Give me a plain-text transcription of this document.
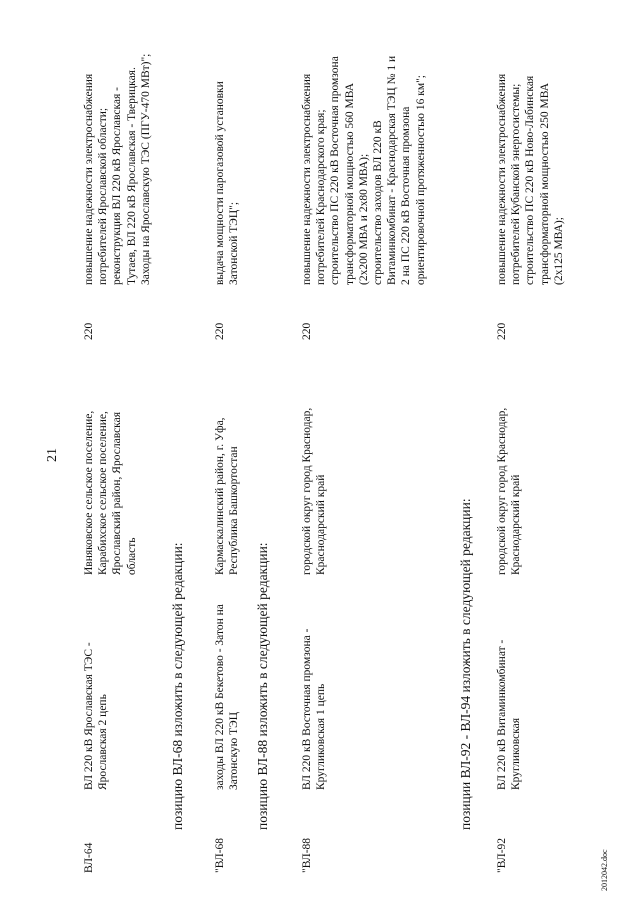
21
ВЛ-64
ВЛ 220 кВ Ярославская ТЭС -
Ярославская 2 цепь
Ивняковское сельское поселение,
Карабихское сельское поселение,
Ярославский район, Ярославская
область
220
повышение надежности электроснабжения
потребителей Ярославской области;
реконструкция ВЛ 220 кВ Ярославская -
Тутаев, ВЛ 220 кВ Ярославская - Тверицкая.
Заходы на Ярославскую ТЭС (ПГУ-470 МВт)";
позицию ВЛ-68 изложить в следующей редакции:
"ВЛ-68
заходы ВЛ 220 кВ Бекетово - Затон на
Затонскую ТЭЦ
Кармаскалинский район, г. Уфа,
Республика Башкортостан
220
выдача мощности парогазовой установки
Затонской ТЭЦ";
позицию ВЛ-88 изложить в следующей редакции:
"ВЛ-88
ВЛ 220 кВ Восточная промзона -
Кругликовская 1 цепь
городской округ город Краснодар,
Краснодарский край
220
повышение надежности электроснабжения
потребителей Краснодарского края;
строительство ПС 220 кВ Восточная промзона
трансформаторной мощностью 560 МВА
(2х200 МВА и 2х80 МВА);
строительство заходов ВЛ 220 кВ
Витаминкомбинат - Краснодарская ТЭЦ № 1 и
2 на ПС 220 кВ Восточная промзона
ориентировочной протяженностью 16 км";
позиции ВЛ-92 - ВЛ-94 изложить в следующей редакции:
"ВЛ-92
ВЛ 220 кВ Витаминкомбинат -
Кругликовская
городской округ город Краснодар,
Краснодарский край
220
повышение надежности электроснабжения
потребителей Кубанской энергосистемы;
строительство ПС 220 кВ Ново-Лабинская
трансформаторной мощностью 250 МВА
(2х125 МВА);
2012042.doc
